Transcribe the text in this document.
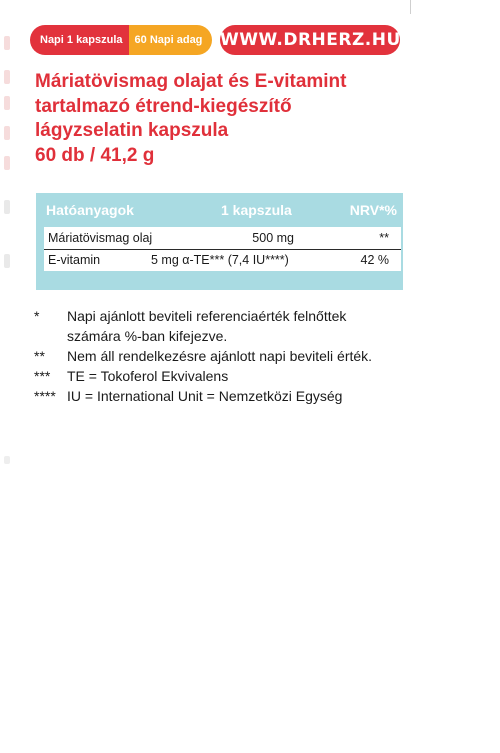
Napi 1 kapszula	60 Napi adag	WWW.DRHERZ.HU
Máriatövismag olajat és E-vitamint
tartalmazó étrend-kiegészítő
lágyzselatin kapszula
60 db / 41,2 g
Hatóanyagok	1 kapszula	NRV*%
Máriatövismag olaj	500 mg	**
E-vitamin	5 mg α-TE*** (7,4 IU****)	42 %
* Napi ajánlott beviteli referenciaérték felnőttek
számára %-ban kifejezve.
** Nem áll rendelkezésre ajánlott napi beviteli érték.
*** TE = Tokoferol Ekvivalens
**** IU = International Unit = Nemzetközi Egység
